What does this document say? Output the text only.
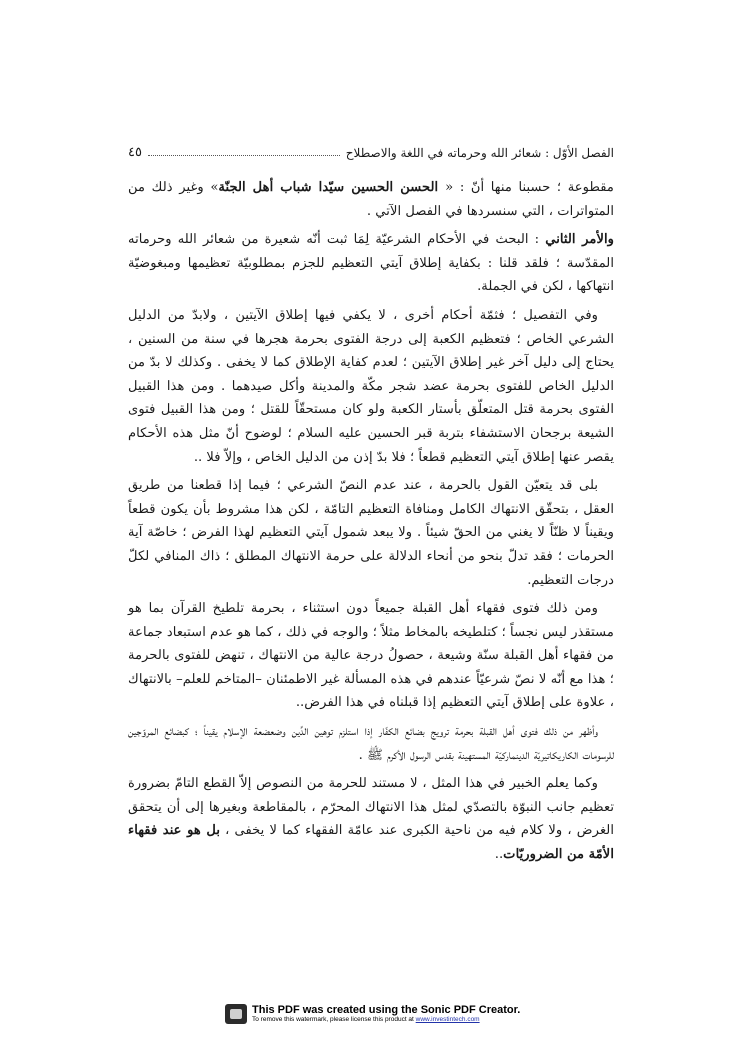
الفصل الأوّل : شعائر الله وحرماته في اللغة والاصطلاح
٤٥

مقطوعة ؛ حسبنا منها أنّ : « الحسن الحسين سيّدا شباب أهل الجنّة» وغير ذلك من المتواترات ، التي سنسردها في الفصل الآتي .

والأمر الثاني : البحث في الأحكام الشرعيّة لِمَا ثبت أنّه شعيرة من شعائر الله وحرماته المقدّسة ؛ فلقد قلنا : بكفاية إطلاق آيتي التعظيم للجزم بمطلوبيّة تعظيمها ومبغوضيّة انتهاكها ، لكن في الجملة.

وفي التفصيل ؛ فثمّة أحكام أخرى ، لا يكفي فيها إطلاق الآيتين ، ولابدّ من الدليل الشرعي الخاص ؛ فتعظيم الكعبة إلى درجة الفتوى بحرمة هجرها في سنة من السنين ، يحتاج إلى دليل آخر غير إطلاق الآيتين ؛ لعدم كفاية الإطلاق كما لا يخفى . وكذلك لا بدّ من الدليل الخاص للفتوى بحرمة عضد شجر مكّة والمدينة وأكل صيدهما . ومن هذا القبيل الفتوى بحرمة قتل المتعلّق بأستار الكعبة ولو كان مستحقّاً للقتل ؛ ومن هذا القبيل فتوى الشيعة برجحان الاستشفاء بتربة قبر الحسين عليه السلام ؛ لوضوح أنّ مثل هذه الأحكام يقصر عنها إطلاق آيتي التعظيم قطعاً ؛ فلا بدّ إذن من الدليل الخاص ، وإلاّ فلا ..

بلى قد يتعيّن القول بالحرمة ، عند عدم النصّ الشرعي ؛ فيما إذا قطعنا من طريق العقل ، بتحقّق الانتهاك الكامل ومنافاة التعظيم التامّة ، لكن هذا مشروط بأن يكون قطعاً ويقيناً لا ظنّاً لا يغني من الحقّ شيئاً . ولا يبعد شمول آيتي التعظيم لهذا الفرض ؛ خاصّة آية الحرمات ؛ فقد تدلّ بنحو من أنحاء الدلالة على حرمة الانتهاك المطلق ؛ ذاك المنافي لكلّ درجات التعظيم.

ومن ذلك فتوى فقهاء أهل القبلة جميعاً دون استثناء ، بحرمة تلطيخ القرآن بما هو مستقذر ليس نجساً ؛ كتلطيخه بالمخاط مثلاً ؛ والوجه في ذلك ، كما هو عدم استبعاد جماعة من فقهاء أهل القبلة سنّة وشيعة ، حصولُ درجة عالية من الانتهاك ، تنهض للفتوى بالحرمة ؛ هذا مع أنّه لا نصّ شرعيّاً عندهم في هذه المسألة غير الاطمئنان –المتاخم للعلم– بالانتهاك ، علاوة على إطلاق آيتي التعظيم إذا قبلناه في هذا الفرض..

وأظهر من ذلك فتوى أهل القبلة بحرمة ترويج بضائع الكفّار إذا استلزم توهين الدِّين وضعضعة الإسلام يقيناً ؛ كبضائع المروّجين للرسومات الكاريكاتيريّة الدينماركيّة المستهينة بقدس الرسول الأكرم ﷺ .

وكما يعلم الخبير في هذا المثل ، لا مستند للحرمة من النصوص إلاّ القطع التامّ بضرورة تعظيم جانب النبوّة بالتصدّي لمثل هذا الانتهاك المحرّم ، بالمقاطعة وبغيرها إلى أن يتحقق الغرض ، ولا كلام فيه من ناحية الكبرى عند عامّة الفقهاء كما لا يخفى ، بل هو عند فقهاء الأمّة من الضروريّات..

This PDF was created using the Sonic PDF Creator.
To remove this watermark, please license this product at www.investintech.com
